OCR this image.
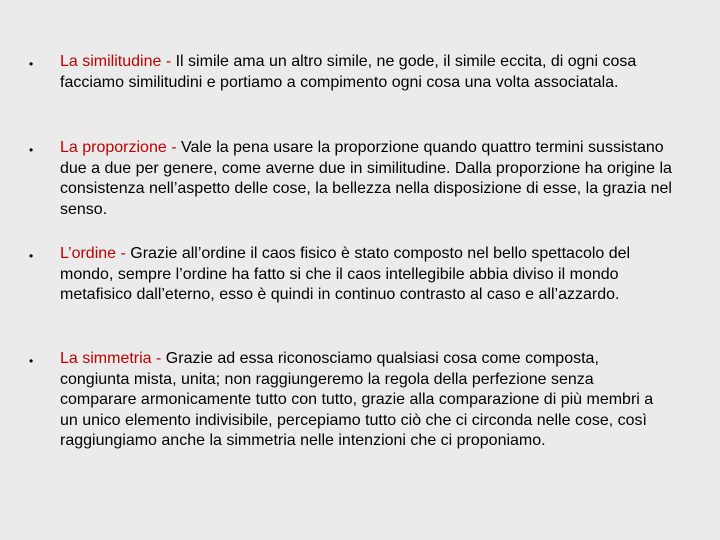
• La similitudine - Il simile ama un altro simile, ne gode, il simile eccita, di ogni cosa facciamo similitudini e portiamo a compimento ogni cosa una volta associatala.

• La proporzione - Vale la pena usare la proporzione quando quattro termini sussistano due a due per genere, come averne due in similitudine. Dalla proporzione ha origine la consistenza nell’aspetto delle cose, la bellezza nella disposizione di esse, la grazia nel senso.

• L’ordine - Grazie all’ordine il caos fisico è stato composto nel bello spettacolo del mondo, sempre l’ordine ha fatto si che il caos intellegibile abbia diviso il mondo metafisico dall’eterno, esso è quindi in continuo contrasto al caso e all’azzardo.

• La simmetria - Grazie ad essa riconosciamo qualsiasi cosa come composta, congiunta mista, unita; non raggiungeremo la regola della perfezione senza comparare armonicamente tutto con tutto, grazie alla comparazione di più membri a un unico elemento indivisibile, percepiamo tutto ciò che ci circonda nelle cose, così raggiungiamo anche la simmetria nelle intenzioni che ci proponiamo.
